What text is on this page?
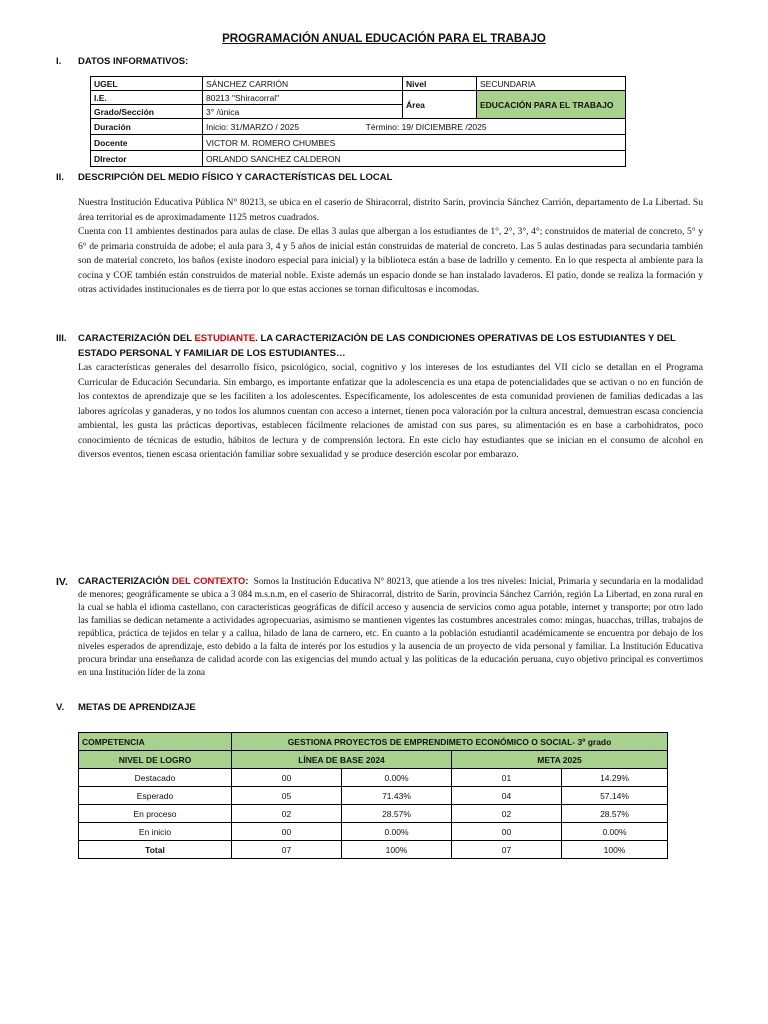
PROGRAMACIÓN ANUAL EDUCACIÓN PARA EL TRABAJO
I. DATOS INFORMATIVOS:
UGEL	SÁNCHEZ CARRIÓN	Nivel	SECUNDARIA
I.E.	80213 "Shiracorral"	Área	EDUCACIÓN PARA EL TRABAJO
Grado/Sección	3° /única		
Duración	Inicio: 31/MARZO / 2025 Término: 19/ DICIEMBRE /2025		
Docente	VICTOR M. ROMERO CHUMBES		
DIrector	ORLANDO SANCHEZ CALDERON		
II. DESCRIPCIÓN DEL MEDIO FÍSICO Y CARACTERÍSTICAS DEL LOCAL
Nuestra Institución Educativa Pública N° 80213, se ubica en el caserío de Shiracorral, distrito Sarín, provincia Sánchez Carrión, departamento de La Libertad. Su área territorial es de aproximadamente 1125 metros cuadrados.
Cuenta con 11 ambientes destinados para aulas de clase. De ellas 3 aulas que albergan a los estudiantes de 1°, 2°, 3°, 4°; construidos de material de concreto, 5° y 6° de primaria construida de adobe; el aula para 3, 4 y 5 años de inicial están construidas de material de concreto. Las 5 aulas destinadas para secundaria también son de material concreto, los baños (existe inodoro especial para inicial) y la biblioteca están a base de ladrillo y cemento. En lo que respecta al ambiente para la cocina y COE también están construidos de material noble. Existe además un espacio donde se han instalado lavaderos. El patio, donde se realiza la formación y otras actividades institucionales es de tierra por lo que estas acciones se tornan dificultosas e incomodas.
III. CARACTERIZACIÓN DEL ESTUDIANTE. LA CARACTERIZACIÓN DE LAS CONDICIONES OPERATIVAS DE LOS ESTUDIANTES Y DEL ESTADO PERSONAL Y FAMILIAR DE LOS ESTUDIANTES…
Las características generales del desarrollo físico, psicológico, social, cognitivo y los intereses de los estudiantes del VII ciclo se detallan en el Programa Curricular de Educación Secundaria. Sin embargo, es importante enfatizar que la adolescencia es una etapa de potencialidades que se activan o no en función de los contextos de aprendizaje que se les faciliten a los adolescentes. Específicamente, los adolescentes de esta comunidad provienen de familias dedicadas a las labores agrícolas y ganaderas, y no todos los alumnos cuentan con acceso a internet, tienen poca valoración por la cultura ancestral, demuestran escasa conciencia ambiental, les gusta las prácticas deportivas, establecen fácilmente relaciones de amistad con sus pares, su alimentación es en base a carbohidratos, poco conocimiento de técnicas de estudio, hábitos de lectura y de comprensión lectora. En este ciclo hay estudiantes que se inician en el consumo de alcohol en diversos eventos, tienen escasa orientación familiar sobre sexualidad y se produce deserción escolar por embarazo.
IV. CARACTERIZACIÓN DEL CONTEXTO: Somos la Institución Educativa N° 80213, que atiende a los tres niveles: Inicial, Primaria y secundaria en la modalidad de menores; geográficamente se ubica a 3 084 m.s.n.m, en el caserío de Shiracorral, distrito de Sarín, provincia Sánchez Carrión, región La Libertad, en zona rural en la cual se habla el idioma castellano, con características geográficas de difícil acceso y ausencia de servicios como agua potable, internet y transporte; por otro lado las familias se dedican netamente a actividades agropecuarias, asimismo se mantienen vigentes las costumbres ancestrales como: mingas, huacchas, trillas, trabajos de república, práctica de tejidos en telar y a callua, hilado de lana de carnero, etc. En cuanto a la población estudiantil académicamente se encuentra por debajo de los niveles esperados de aprendizaje, esto debido a la falta de interés por los estudios y la ausencia de un proyecto de vida personal y familiar. La Institución Educativa procura brindar una enseñanza de calidad acorde con las exigencias del mundo actual y las políticas de la educación peruana, cuyo objetivo principal es convertimos en una Institución líder de la zona
V. METAS DE APRENDIZAJE
COMPETENCIA	GESTIONA PROYECTOS DE EMPRENDIMETO ECONÓMICO O SOCIAL- 3º grado			
NIVEL DE LOGRO	LÍNEA DE BASE 2024		META 2025	
Destacado	00	0.00%	01	14.29%
Esperado	05	71.43%	04	57.14%
En proceso	02	28.57%	02	28.57%
En inicio	00	0.00%	00	0.00%
Total	07	100%	07	100%
